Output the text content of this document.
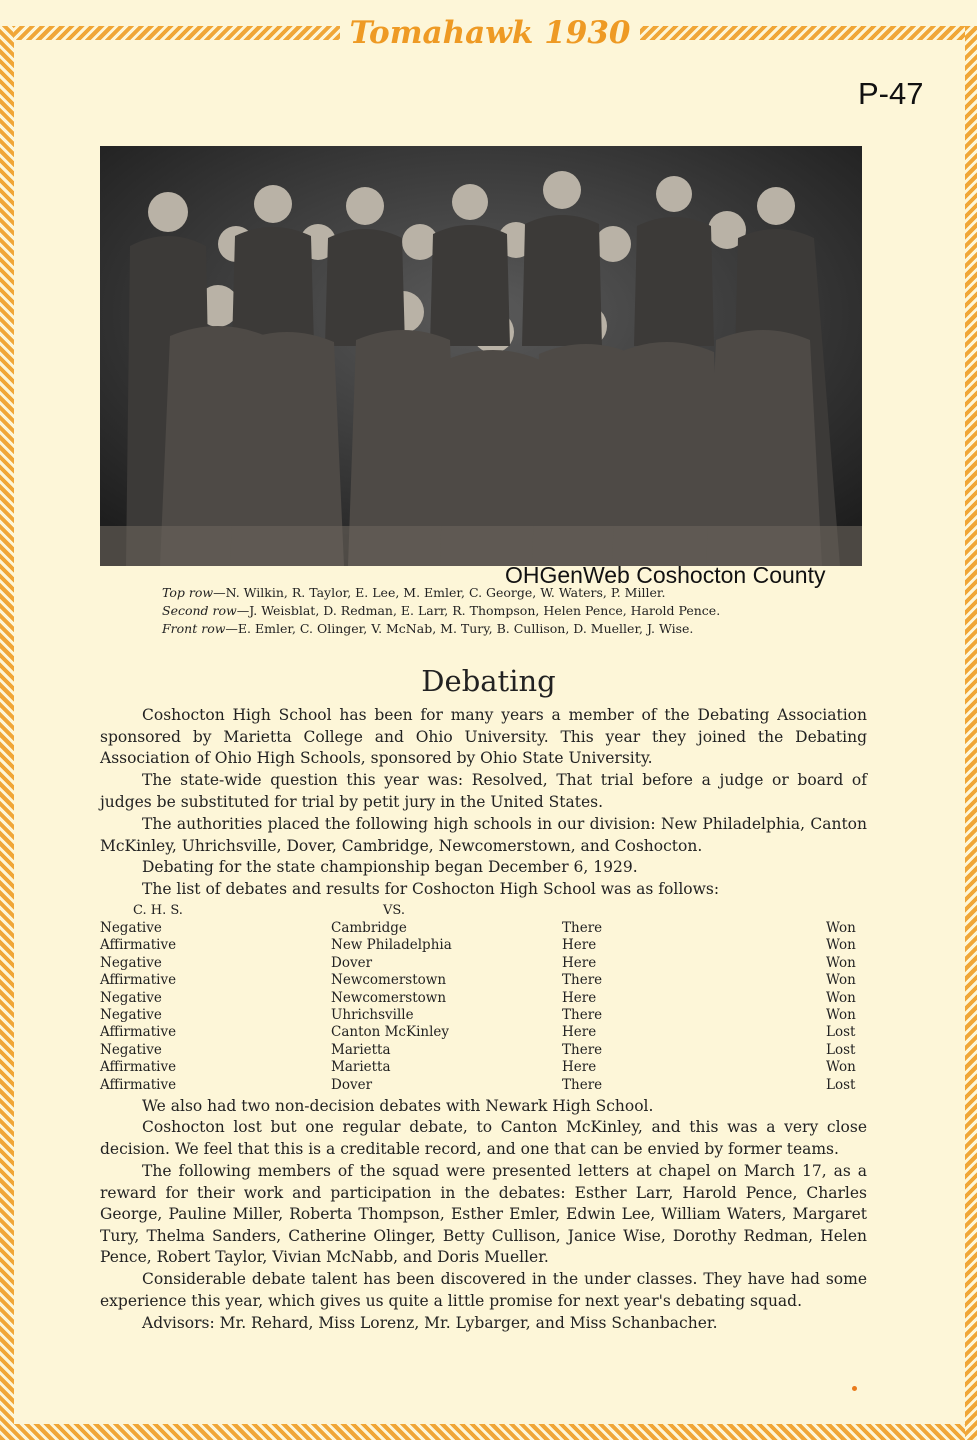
Tomahawk 1930
P-47
OHGenWeb Coshocton County
Top row—N. Wilkin, R. Taylor, E. Lee, M. Emler, C. George, W. Waters, P. Miller.
Second row—J. Weisblat, D. Redman, E. Larr, R. Thompson, Helen Pence, Harold Pence.
Front row—E. Emler, C. Olinger, V. McNab, M. Tury, B. Cullison, D. Mueller, J. Wise.
Debating
Coshocton High School has been for many years a member of the Debating Association sponsored by Marietta College and Ohio University. This year they joined the Debating Association of Ohio High Schools, sponsored by Ohio State University.
The state-wide question this year was: Resolved, That trial before a judge or board of judges be substituted for trial by petit jury in the United States.
The authorities placed the following high schools in our division: New Philadelphia, Canton McKinley, Uhrichsville, Dover, Cambridge, Newcomerstown, and Coshocton.
Debating for the state championship began December 6, 1929.
The list of debates and results for Coshocton High School was as follows:
C. H. S.	VS.
Negative	Cambridge	There	Won
Affirmative	New Philadelphia	Here	Won
Negative	Dover	Here	Won
Affirmative	Newcomerstown	There	Won
Negative	Newcomerstown	Here	Won
Negative	Uhrichsville	There	Won
Affirmative	Canton McKinley	Here	Lost
Negative	Marietta	There	Lost
Affirmative	Marietta	Here	Won
Affirmative	Dover	There	Lost
We also had two non-decision debates with Newark High School.
Coshocton lost but one regular debate, to Canton McKinley, and this was a very close decision. We feel that this is a creditable record, and one that can be envied by former teams.
The following members of the squad were presented letters at chapel on March 17, as a reward for their work and participation in the debates: Esther Larr, Harold Pence, Charles George, Pauline Miller, Roberta Thompson, Esther Emler, Edwin Lee, William Waters, Margaret Tury, Thelma Sanders, Catherine Olinger, Betty Cullison, Janice Wise, Dorothy Redman, Helen Pence, Robert Taylor, Vivian McNabb, and Doris Mueller.
Considerable debate talent has been discovered in the under classes. They have had some experience this year, which gives us quite a little promise for next year's debating squad.
Advisors: Mr. Rehard, Miss Lorenz, Mr. Lybarger, and Miss Schanbacher.
